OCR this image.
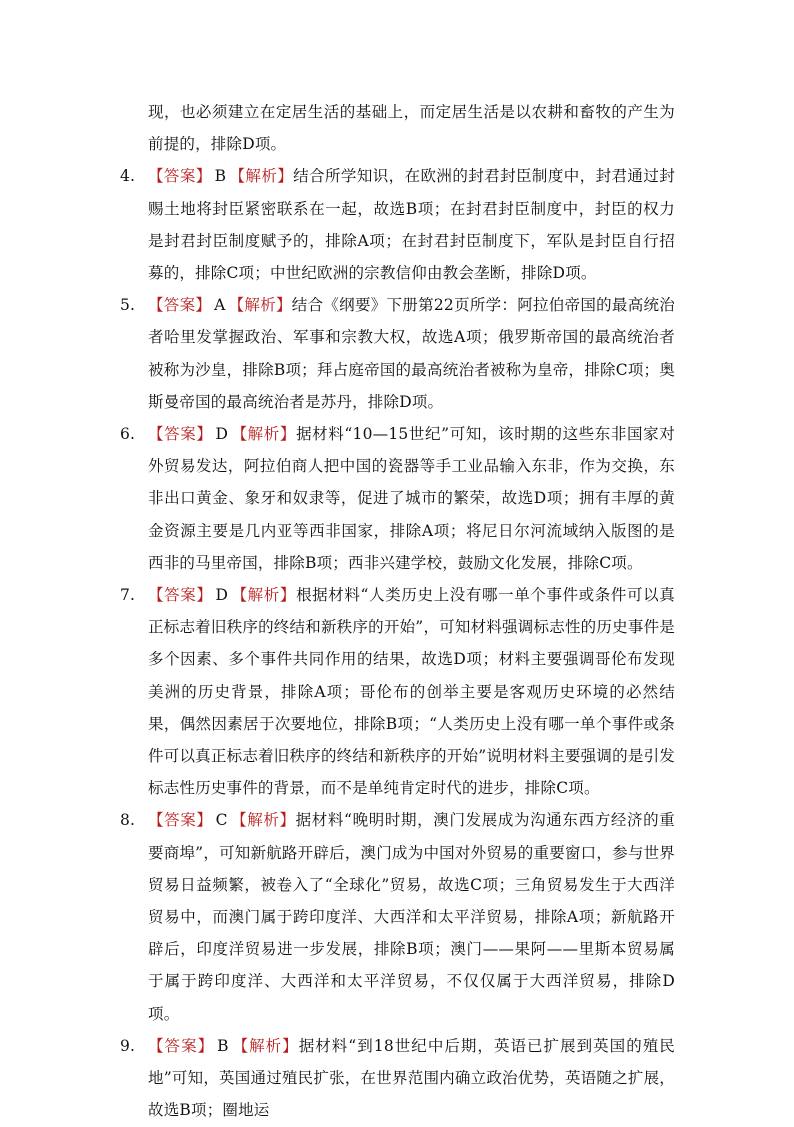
现，也必须建立在定居生活的基础上，而定居生活是以农耕和畜牧的产生为前提的，排除D项。
4. 【答案】 B 【解析】结合所学知识，在欧洲的封君封臣制度中，封君通过封赐土地将封臣紧密联系在一起，故选B项；在封君封臣制度中，封臣的权力是封君封臣制度赋予的，排除A项；在封君封臣制度下，军队是封臣自行招募的，排除C项；中世纪欧洲的宗教信仰由教会垄断，排除D项。
5. 【答案】 A 【解析】结合《纲要》下册第22页所学：阿拉伯帝国的最高统治者哈里发掌握政治、军事和宗教大权，故选A项；俄罗斯帝国的最高统治者被称为沙皇，排除B项；拜占庭帝国的最高统治者被称为皇帝，排除C项；奥斯曼帝国的最高统治者是苏丹，排除D项。
6. 【答案】 D 【解析】据材料“10—15世纪”可知，该时期的这些东非国家对外贸易发达，阿拉伯商人把中国的瓷器等手工业品输入东非，作为交换，东非出口黄金、象牙和奴隶等，促进了城市的繁荣，故选D项；拥有丰厚的黄金资源主要是几内亚等西非国家，排除A项；将尼日尔河流域纳入版图的是西非的马里帝国，排除B项；西非兴建学校，鼓励文化发展，排除C项。
7. 【答案】 D 【解析】根据材料“人类历史上没有哪一单个事件或条件可以真正标志着旧秩序的终结和新秩序的开始”，可知材料强调标志性的历史事件是多个因素、多个事件共同作用的结果，故选D项；材料主要强调哥伦布发现美洲的历史背景，排除A项；哥伦布的创举主要是客观历史环境的必然结果，偶然因素居于次要地位，排除B项；“人类历史上没有哪一单个事件或条件可以真正标志着旧秩序的终结和新秩序的开始”说明材料主要强调的是引发标志性历史事件的背景，而不是单纯肯定时代的进步，排除C项。
8. 【答案】 C 【解析】据材料“晚明时期，澳门发展成为沟通东西方经济的重要商埠”，可知新航路开辟后，澳门成为中国对外贸易的重要窗口，参与世界贸易日益频繁，被卷入了“全球化”贸易，故选C项；三角贸易发生于大西洋贸易中，而澳门属于跨印度洋、大西洋和太平洋贸易，排除A项；新航路开辟后，印度洋贸易进一步发展，排除B项；澳门——果阿——里斯本贸易属于属于跨印度洋、大西洋和太平洋贸易，不仅仅属于大西洋贸易，排除D项。
9. 【答案】 B 【解析】据材料“到18世纪中后期，英语已扩展到英国的殖民地”可知，英国通过殖民扩张，在世界范围内确立政治优势，英语随之扩展，故选B项；圈地运
